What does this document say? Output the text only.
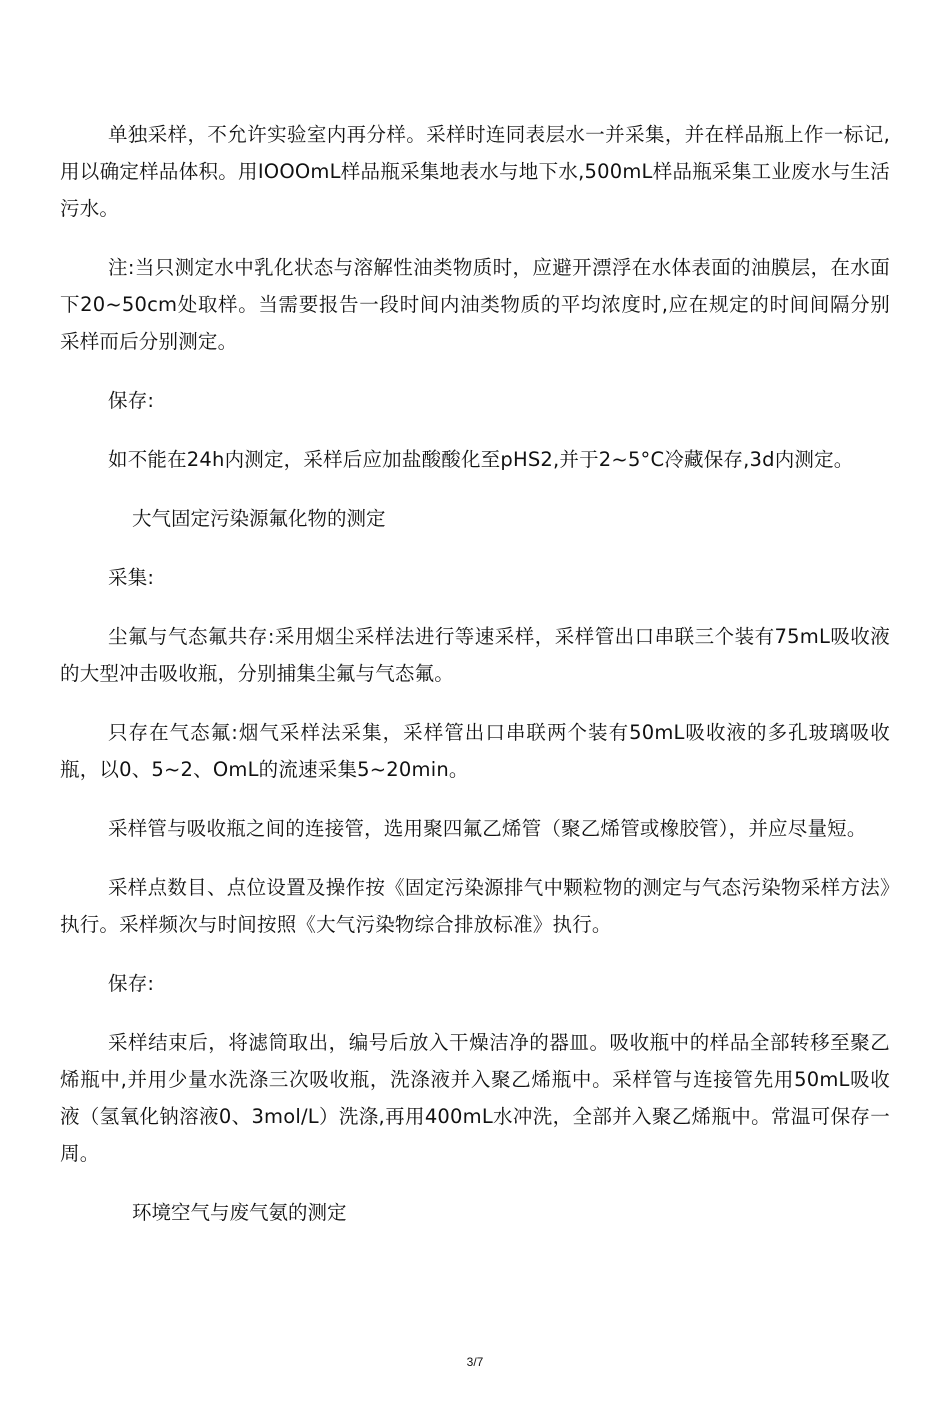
单独采样，不允许实验室内再分样。采样时连同表层水一并采集，并在样品瓶上作一标记,用以确定样品体积。用IOOOmL样品瓶采集地表水与地下水,500mL样品瓶采集工业废水与生活污水。

注:当只测定水中乳化状态与溶解性油类物质时，应避开漂浮在水体表面的油膜层，在水面下20~50cm处取样。当需要报告一段时间内油类物质的平均浓度时,应在规定的时间间隔分别采样而后分别测定。

保存:

如不能在24h内测定，采样后应加盐酸酸化至pHS2,并于2~5°C冷藏保存,3d内测定。

大气固定污染源氟化物的测定

采集:

尘氟与气态氟共存:采用烟尘采样法进行等速采样，采样管出口串联三个装有75mL吸收液的大型冲击吸收瓶，分别捕集尘氟与气态氟。

只存在气态氟:烟气采样法采集，采样管出口串联两个装有50mL吸收液的多孔玻璃吸收瓶，以0、5~2、OmL的流速采集5~20min。

采样管与吸收瓶之间的连接管，选用聚四氟乙烯管（聚乙烯管或橡胶管），并应尽量短。

采样点数目、点位设置及操作按《固定污染源排气中颗粒物的测定与气态污染物采样方法》执行。采样频次与时间按照《大气污染物综合排放标准》执行。

保存:

采样结束后，将滤筒取出，编号后放入干燥洁净的器皿。吸收瓶中的样品全部转移至聚乙烯瓶中,并用少量水洗涤三次吸收瓶，洗涤液并入聚乙烯瓶中。采样管与连接管先用50mL吸收液（氢氧化钠溶液0、3mol/L）洗涤,再用400mL水冲洗，全部并入聚乙烯瓶中。常温可保存一周。

环境空气与废气氨的测定

3/7
